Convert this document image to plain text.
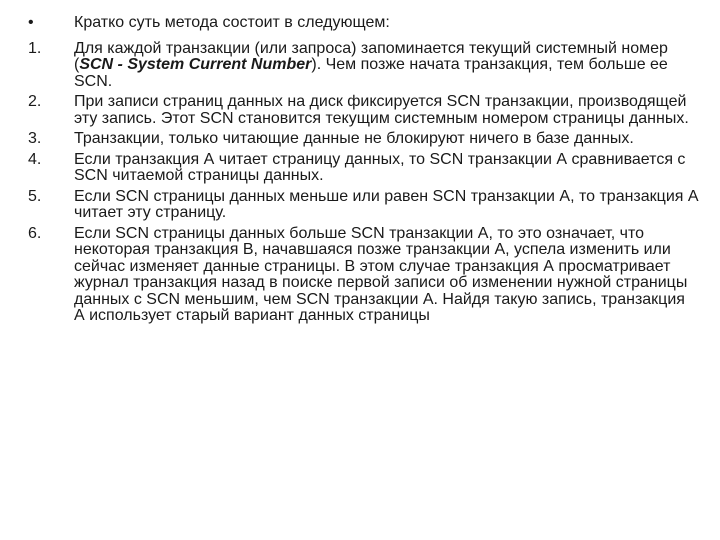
•	Кратко суть метода состоит в следующем:
1.	Для каждой транзакции (или запроса) запоминается текущий системный номер (SCN - System Current Number). Чем позже начата транзакция, тем больше ее SCN.
2.	При записи страниц данных на диск фиксируется SCN транзакции, производящей эту запись. Этот SCN становится текущим системным номером страницы данных.
3.	Транзакции, только читающие данные не блокируют ничего в базе данных.
4.	Если транзакция А читает страницу данных, то SCN транзакции А сравнивается с SCN читаемой страницы данных.
5.	Если SCN страницы данных меньше или равен SCN транзакции А, то транзакция А читает эту страницу.
6.	Если SCN страницы данных больше SCN транзакции А, то это означает, что некоторая транзакция В, начавшаяся позже транзакции А, успела изменить или сейчас изменяет данные страницы. В этом случае транзакция А просматривает журнал транзакция назад в поиске первой записи об изменении нужной страницы данных с SCN меньшим, чем SCN транзакции А. Найдя такую запись, транзакция А использует старый вариант данных страницы
